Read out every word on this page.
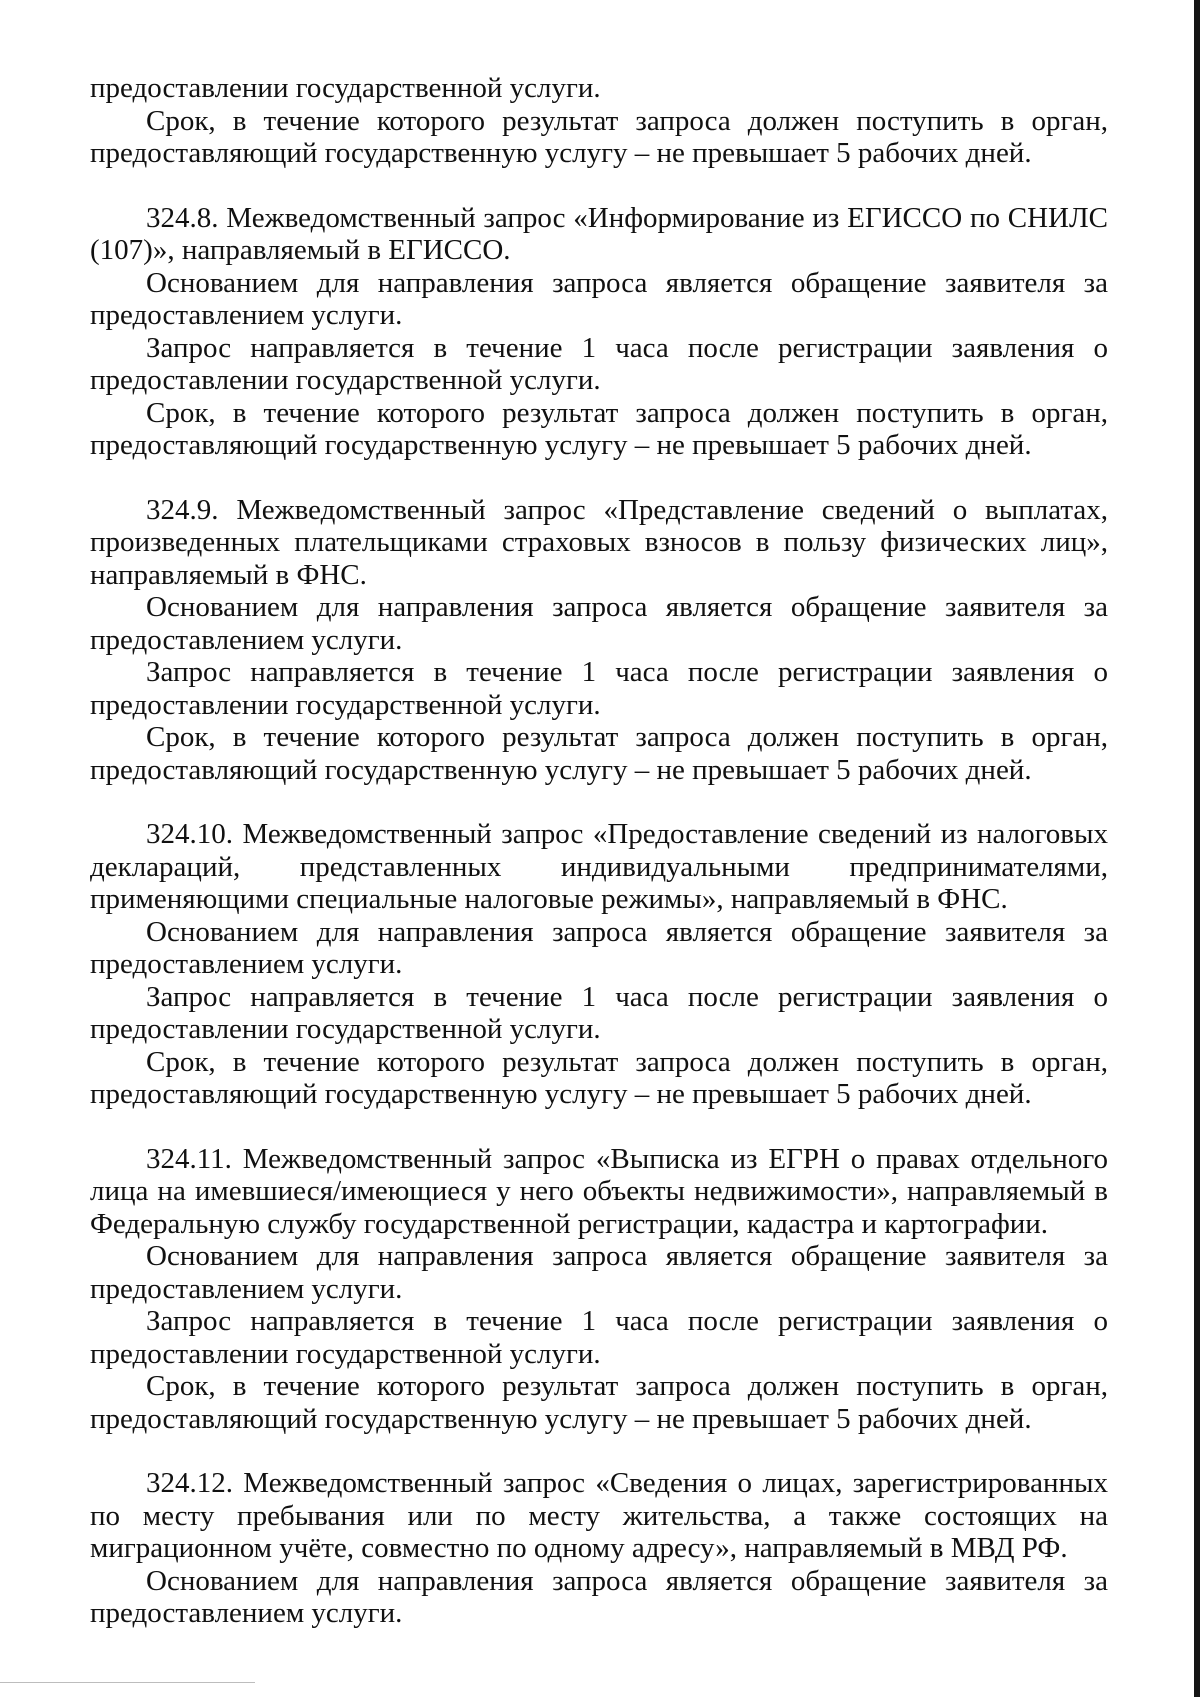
предоставлении государственной услуги.

Срок, в течение которого результат запроса должен поступить в орган, предоставляющий государственную услугу – не превышает 5 рабочих дней.

324.8. Межведомственный запрос «Информирование из ЕГИССО по СНИЛС (107)», направляемый в ЕГИССО.

Основанием для направления запроса является обращение заявителя за предоставлением услуги.

Запрос направляется в течение 1 часа после регистрации заявления о предоставлении государственной услуги.

Срок, в течение которого результат запроса должен поступить в орган, предоставляющий государственную услугу – не превышает 5 рабочих дней.

324.9. Межведомственный запрос «Представление сведений о выплатах, произведенных плательщиками страховых взносов в пользу физических лиц», направляемый в ФНС.

Основанием для направления запроса является обращение заявителя за предоставлением услуги.

Запрос направляется в течение 1 часа после регистрации заявления о предоставлении государственной услуги.

Срок, в течение которого результат запроса должен поступить в орган, предоставляющий государственную услугу – не превышает 5 рабочих дней.

324.10. Межведомственный запрос «Предоставление сведений из налоговых деклараций, представленных индивидуальными предпринимателями, применяющими специальные налоговые режимы», направляемый в ФНС.

Основанием для направления запроса является обращение заявителя за предоставлением услуги.

Запрос направляется в течение 1 часа после регистрации заявления о предоставлении государственной услуги.

Срок, в течение которого результат запроса должен поступить в орган, предоставляющий государственную услугу – не превышает 5 рабочих дней.

324.11. Межведомственный запрос «Выписка из ЕГРН о правах отдельного лица на имевшиеся/имеющиеся у него объекты недвижимости», направляемый в Федеральную службу государственной регистрации, кадастра и картографии.

Основанием для направления запроса является обращение заявителя за предоставлением услуги.

Запрос направляется в течение 1 часа после регистрации заявления о предоставлении государственной услуги.

Срок, в течение которого результат запроса должен поступить в орган, предоставляющий государственную услугу – не превышает 5 рабочих дней.

324.12. Межведомственный запрос «Сведения о лицах, зарегистрированных по месту пребывания или по месту жительства, а также состоящих на миграционном учёте, совместно по одному адресу», направляемый в МВД РФ.

Основанием для направления запроса является обращение заявителя за предоставлением услуги.
